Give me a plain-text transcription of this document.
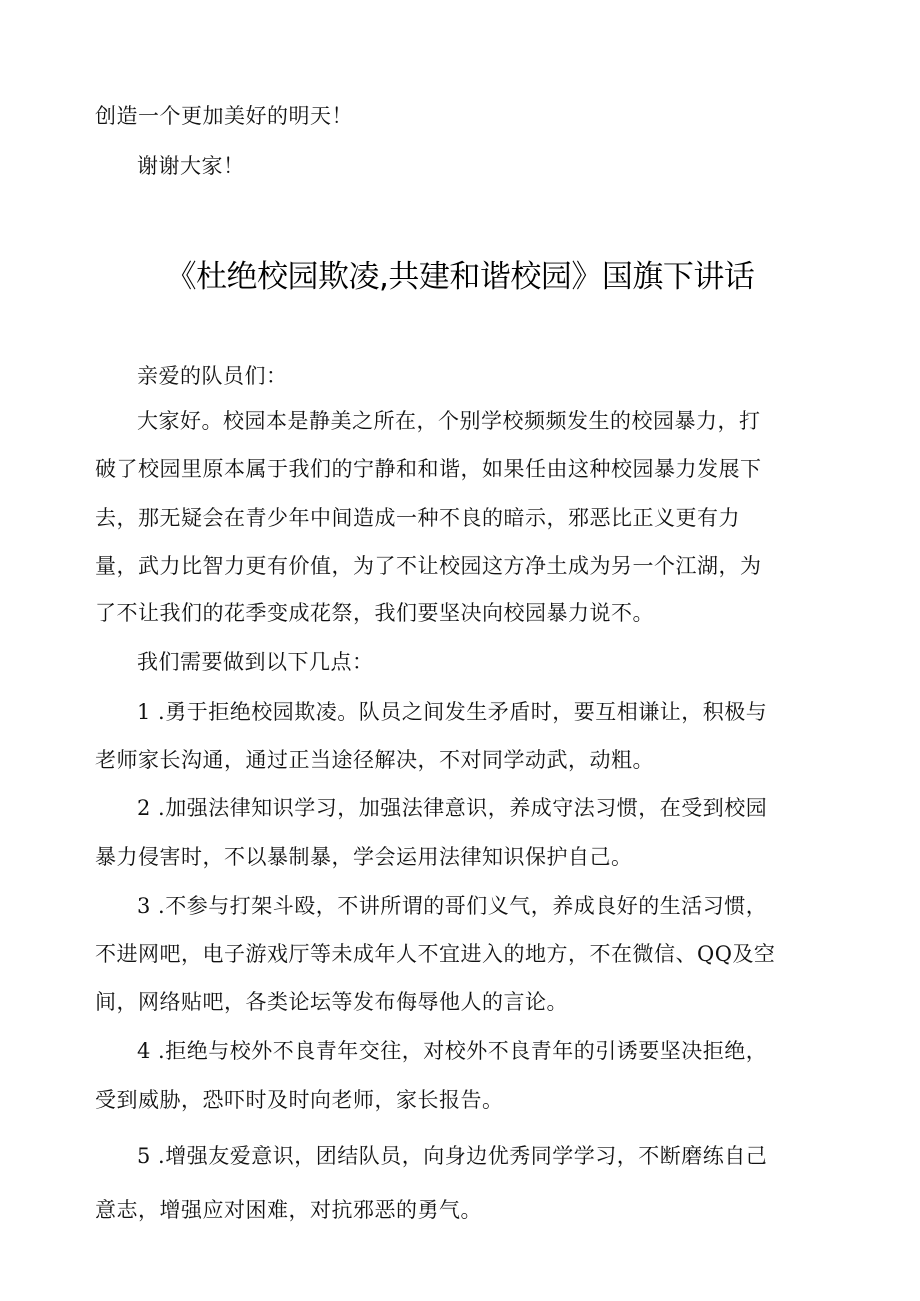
创造一个更加美好的明天！
谢谢大家！
《杜绝校园欺凌,共建和谐校园》国旗下讲话
亲爱的队员们：
大家好。校园本是静美之所在，个别学校频频发生的校园暴力，打
破了校园里原本属于我们的宁静和和谐，如果任由这种校园暴力发展下
去，那无疑会在青少年中间造成一种不良的暗示，邪恶比正义更有力
量，武力比智力更有价值，为了不让校园这方净土成为另一个江湖，为
了不让我们的花季变成花祭，我们要坚决向校园暴力说不。
我们需要做到以下几点：
1 .勇于拒绝校园欺凌。队员之间发生矛盾时，要互相谦让，积极与
老师家长沟通，通过正当途径解决，不对同学动武，动粗。
2 .加强法律知识学习，加强法律意识，养成守法习惯，在受到校园
暴力侵害时，不以暴制暴，学会运用法律知识保护自己。
3 .不参与打架斗殴，不讲所谓的哥们义气，养成良好的生活习惯，
不进网吧，电子游戏厅等未成年人不宜进入的地方，不在微信、QQ及空
间，网络贴吧，各类论坛等发布侮辱他人的言论。
4 .拒绝与校外不良青年交往，对校外不良青年的引诱要坚决拒绝，
受到威胁，恐吓时及时向老师，家长报告。
5 .增强友爱意识，团结队员，向身边优秀同学学习，不断磨练自己
意志，增强应对困难，对抗邪恶的勇气。
